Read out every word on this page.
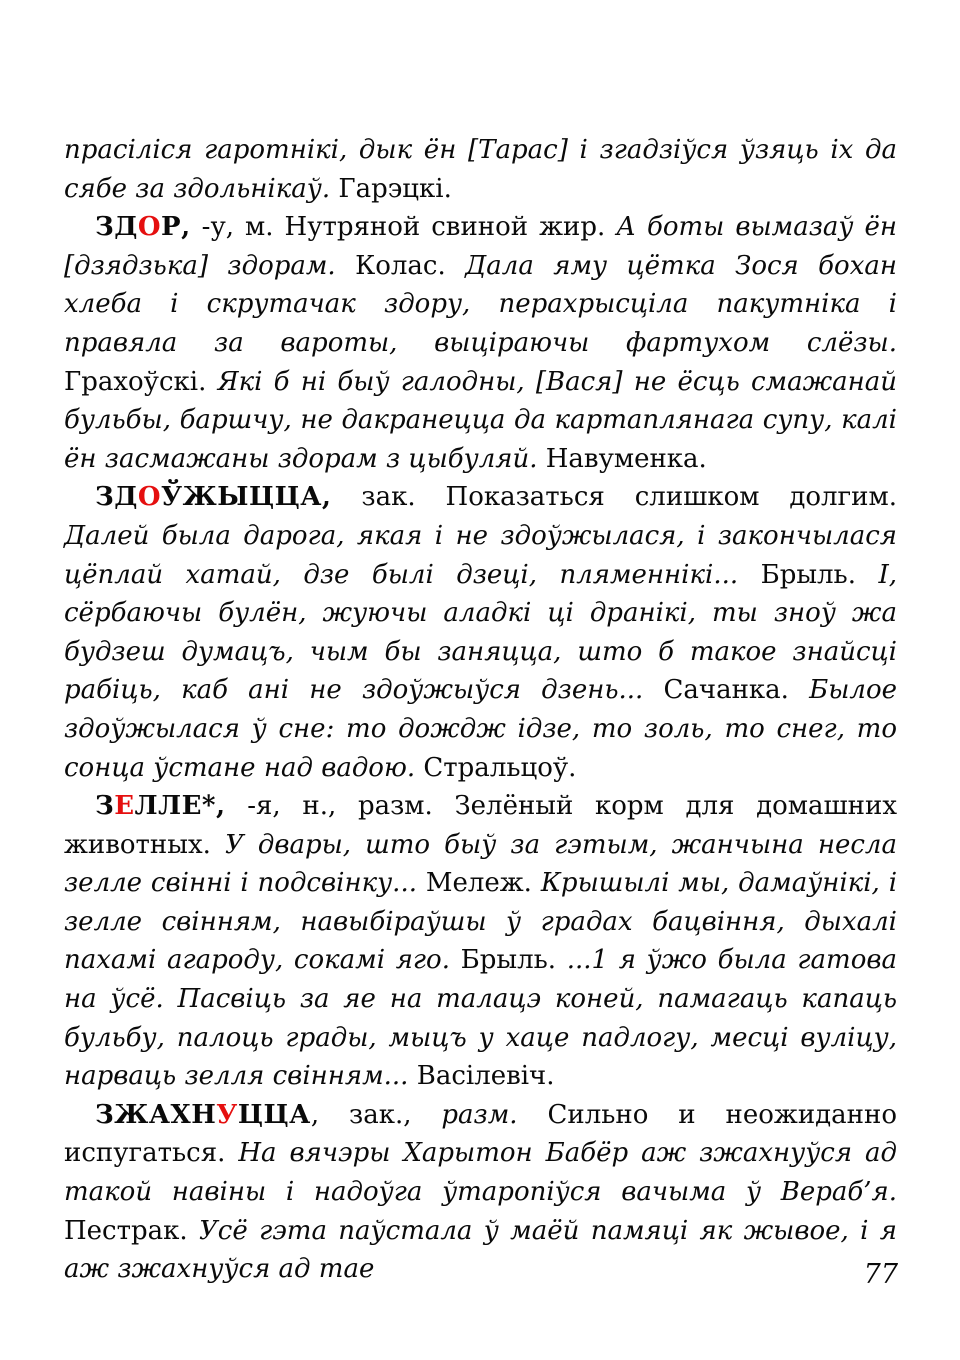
прасіліся гаротнікі, дык ён [Тарас] і згадзіўся ўзяць іх да сябе за здольнікаў. Гарэцкі.

ЗДОР, -у, м. Нутряной свиной жир. А боты вымазаў ён [дзядзька] здорам. Колас. Дала яму цётка Зося бохан хлеба і скрутачак здору, перахрысціла пакутніка і правяла за вароты, выціраючы фартухом слёзы. Грахоўскі. Які б ні быў галодны, [Вася] не ёсць смажанай бульбы, баршчу, не дакранецца да картаплянага супу, калі ён засмажаны здорам з цыбуляй. Навуменка.

ЗДОЎЖЫЦЦА, зак. Показаться слишком долгим. Далей была дарога, якая і не здоўжылася, і закончылася цёплай хатай, дзе былі дзеці, пляменнікі... Брыль. І, сёрбаючы булён, жуючы аладкі ці дранікі, ты зноў жа будзеш думацъ, чым бы заняцца, што б такое знайсці рабіць, каб ані не здоўжыўся дзень... Сачанка. Былое здоўжылася ў сне: то дождж ідзе, то золь, то снег, то сонца ўстане над вадою. Стральцоў.

ЗЕЛЛЕ*, -я, н., разм. Зелёный корм для домашних животных. У двары, што быў за гэтым, жанчына несла зелле свінні і подсвінку... Мележ. Крышылі мы, дамаўнікі, і зелле свінням, навыбіраўшы ў градах бацвіння, дыхалі пахамі агароду, сокамі яго. Брыль. ...1 я ўжо была гатова на ўсё. Пасвіць за яе на талацэ коней, памагаць капаць бульбу, палоць грады, мыцъ у хаце падлогу, месці вуліцу, нарваць зелля свінням... Васілевіч.

ЗЖАХНУЦЦА, зак., разм. Сильно и неожиданно испугаться. На вячэры Харытон Бабёр аж зжахнуўся ад такой навіны і надоўга ўтаропіўся вачыма ў Вераб’я. Пестрак. Усё гэта паўстала ў маёй памяці як жывое, і я аж зжахнуўся ад тае	77
